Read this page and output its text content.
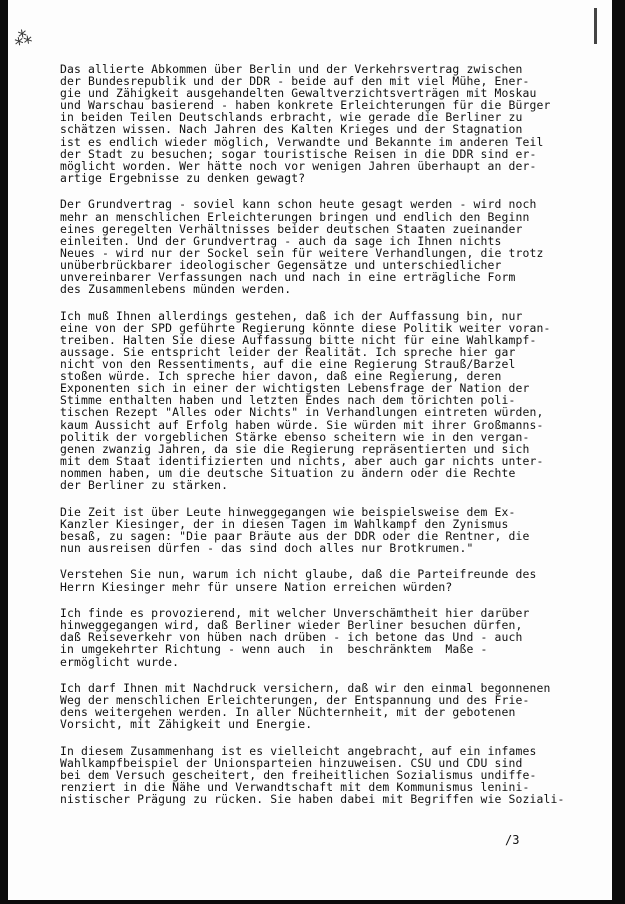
⁂
Das allierte Abkommen über Berlin und der Verkehrsvertrag zwischen
der Bundesrepublik und der DDR - beide auf den mit viel Mühe, Ener-
gie und Zähigkeit ausgehandelten Gewaltverzichtsverträgen mit Moskau
und Warschau basierend - haben konkrete Erleichterungen für die Bürger
in beiden Teilen Deutschlands erbracht, wie gerade die Berliner zu
schätzen wissen. Nach Jahren des Kalten Krieges und der Stagnation
ist es endlich wieder möglich, Verwandte und Bekannte im anderen Teil
der Stadt zu besuchen; sogar touristische Reisen in die DDR sind er-
möglicht worden. Wer hätte noch vor wenigen Jahren überhaupt an der-
artige Ergebnisse zu denken gewagt?
Der Grundvertrag - soviel kann schon heute gesagt werden - wird noch
mehr an menschlichen Erleichterungen bringen und endlich den Beginn
eines geregelten Verhältnisses beider deutschen Staaten zueinander
einleiten. Und der Grundvertrag - auch da sage ich Ihnen nichts
Neues - wird nur der Sockel sein für weitere Verhandlungen, die trotz
unüberbrückbarer ideologischer Gegensätze und unterschiedlicher
unvereinbarer Verfassungen nach und nach in eine erträgliche Form
des Zusammenlebens münden werden.
Ich muß Ihnen allerdings gestehen, daß ich der Auffassung bin, nur
eine von der SPD geführte Regierung könnte diese Politik weiter voran-
treiben. Halten Sie diese Auffassung bitte nicht für eine Wahlkampf-
aussage. Sie entspricht leider der Realität. Ich spreche hier gar
nicht von den Ressentiments, auf die eine Regierung Strauß/Barzel
stoßen würde. Ich spreche hier davon, daß eine Regierung, deren
Exponenten sich in einer der wichtigsten Lebensfrage der Nation der
Stimme enthalten haben und letzten Endes nach dem törichten poli-
tischen Rezept "Alles oder Nichts" in Verhandlungen eintreten würden,
kaum Aussicht auf Erfolg haben würde. Sie würden mit ihrer Großmanns-
politik der vorgeblichen Stärke ebenso scheitern wie in den vergan-
genen zwanzig Jahren, da sie die Regierung repräsentierten und sich
mit dem Staat identifizierten und nichts, aber auch gar nichts unter-
nommen haben, um die deutsche Situation zu ändern oder die Rechte
der Berliner zu stärken.
Die Zeit ist über Leute hinweggegangen wie beispielsweise dem Ex-
Kanzler Kiesinger, der in diesen Tagen im Wahlkampf den Zynismus
besaß, zu sagen: "Die paar Bräute aus der DDR oder die Rentner, die
nun ausreisen dürfen - das sind doch alles nur Brotkrumen."
Verstehen Sie nun, warum ich nicht glaube, daß die Parteifreunde des
Herrn Kiesinger mehr für unsere Nation erreichen würden?
Ich finde es provozierend, mit welcher Unverschämtheit hier darüber
hinweggegangen wird, daß Berliner wieder Berliner besuchen dürfen,
daß Reiseverkehr von hüben nach drüben - ich betone das Und - auch
in umgekehrter Richtung - wenn auch  in  beschränktem  Maße -
ermöglicht wurde.
Ich darf Ihnen mit Nachdruck versichern, daß wir den einmal begonnenen
Weg der menschlichen Erleichterungen, der Entspannung und des Frie-
dens weitergehen werden. In aller Nüchternheit, mit der gebotenen
Vorsicht, mit Zähigkeit und Energie.
In diesem Zusammenhang ist es vielleicht angebracht, auf ein infames
Wahlkampfbeispiel der Unionsparteien hinzuweisen. CSU und CDU sind
bei dem Versuch gescheitert, den freiheitlichen Sozialismus undiffe-
renziert in die Nähe und Verwandtschaft mit dem Kommunismus lenini-
nistischer Prägung zu rücken. Sie haben dabei mit Begriffen wie Soziali-
/3
